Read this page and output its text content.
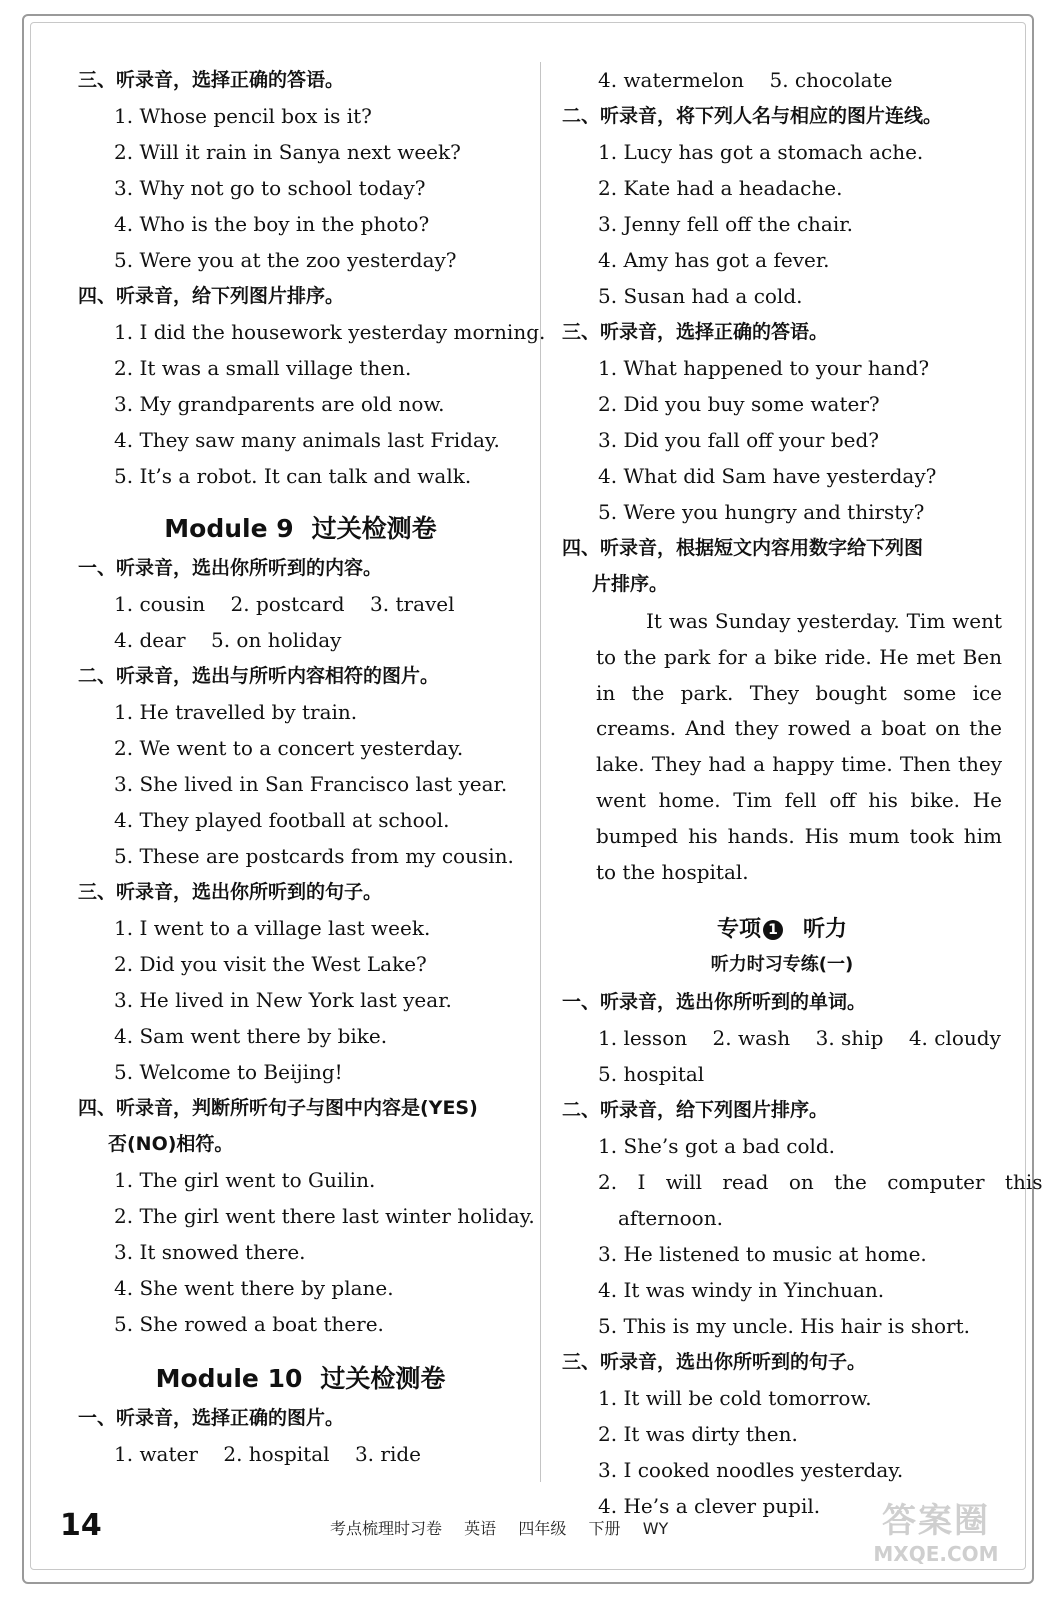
三、听录音，选择正确的答语。
1. Whose pencil box is it?
2. Will it rain in Sanya next week?
3. Why not go to school today?
4. Who is the boy in the photo?
5. Were you at the zoo yesterday?
四、听录音，给下列图片排序。
1. I did the housework yesterday morning.
2. It was a small village then.
3. My grandparents are old now.
4. They saw many animals last Friday.
5. It’s a robot. It can talk and walk.
Module 9 过关检测卷
一、听录音，选出你所听到的内容。
1. cousin    2. postcard    3. travel
4. dear    5. on holiday
二、听录音，选出与所听内容相符的图片。
1. He travelled by train.
2. We went to a concert yesterday.
3. She lived in San Francisco last year.
4. They played football at school.
5. These are postcards from my cousin.
三、听录音，选出你所听到的句子。
1. I went to a village last week.
2. Did you visit the West Lake?
3. He lived in New York last year.
4. Sam went there by bike.
5. Welcome to Beijing!
四、听录音，判断所听句子与图中内容是(YES)
否(NO)相符。
1. The girl went to Guilin.
2. The girl went there last winter holiday.
3. It snowed there.
4. She went there by plane.
5. She rowed a boat there.
Module 10 过关检测卷
一、听录音，选择正确的图片。
1. water    2. hospital    3. ride
4. watermelon    5. chocolate
二、听录音，将下列人名与相应的图片连线。
1. Lucy has got a stomach ache.
2. Kate had a headache.
3. Jenny fell off the chair.
4. Amy has got a fever.
5. Susan had a cold.
三、听录音，选择正确的答语。
1. What happened to your hand?
2. Did you buy some water?
3. Did you fall off your bed?
4. What did Sam have yesterday?
5. Were you hungry and thirsty?
四、听录音，根据短文内容用数字给下列图
片排序。
It was Sunday yesterday. Tim went to the park for a bike ride. He met Ben in the park. They bought some ice creams. And they rowed a boat on the lake. They had a happy time. Then they went home. Tim fell off his bike. He bumped his hands. His mum took him to the hospital.
专项 1 听力
听力时习专练(一)
一、听录音，选出你所听到的单词。
1. lesson    2. wash    3. ship    4. cloudy
5. hospital
二、听录音，给下列图片排序。
1. She’s got a bad cold.
2. I will read on the computer this
afternoon.
3. He listened to music at home.
4. It was windy in Yinchuan.
5. This is my uncle. His hair is short.
三、听录音，选出你所听到的句子。
1. It will be cold tomorrow.
2. It was dirty then.
3. I cooked noodles yesterday.
4. He’s a clever pupil.
14	考点梳理时习卷  英语  四年级  下册  WY	答案圈
MXQE.COM
